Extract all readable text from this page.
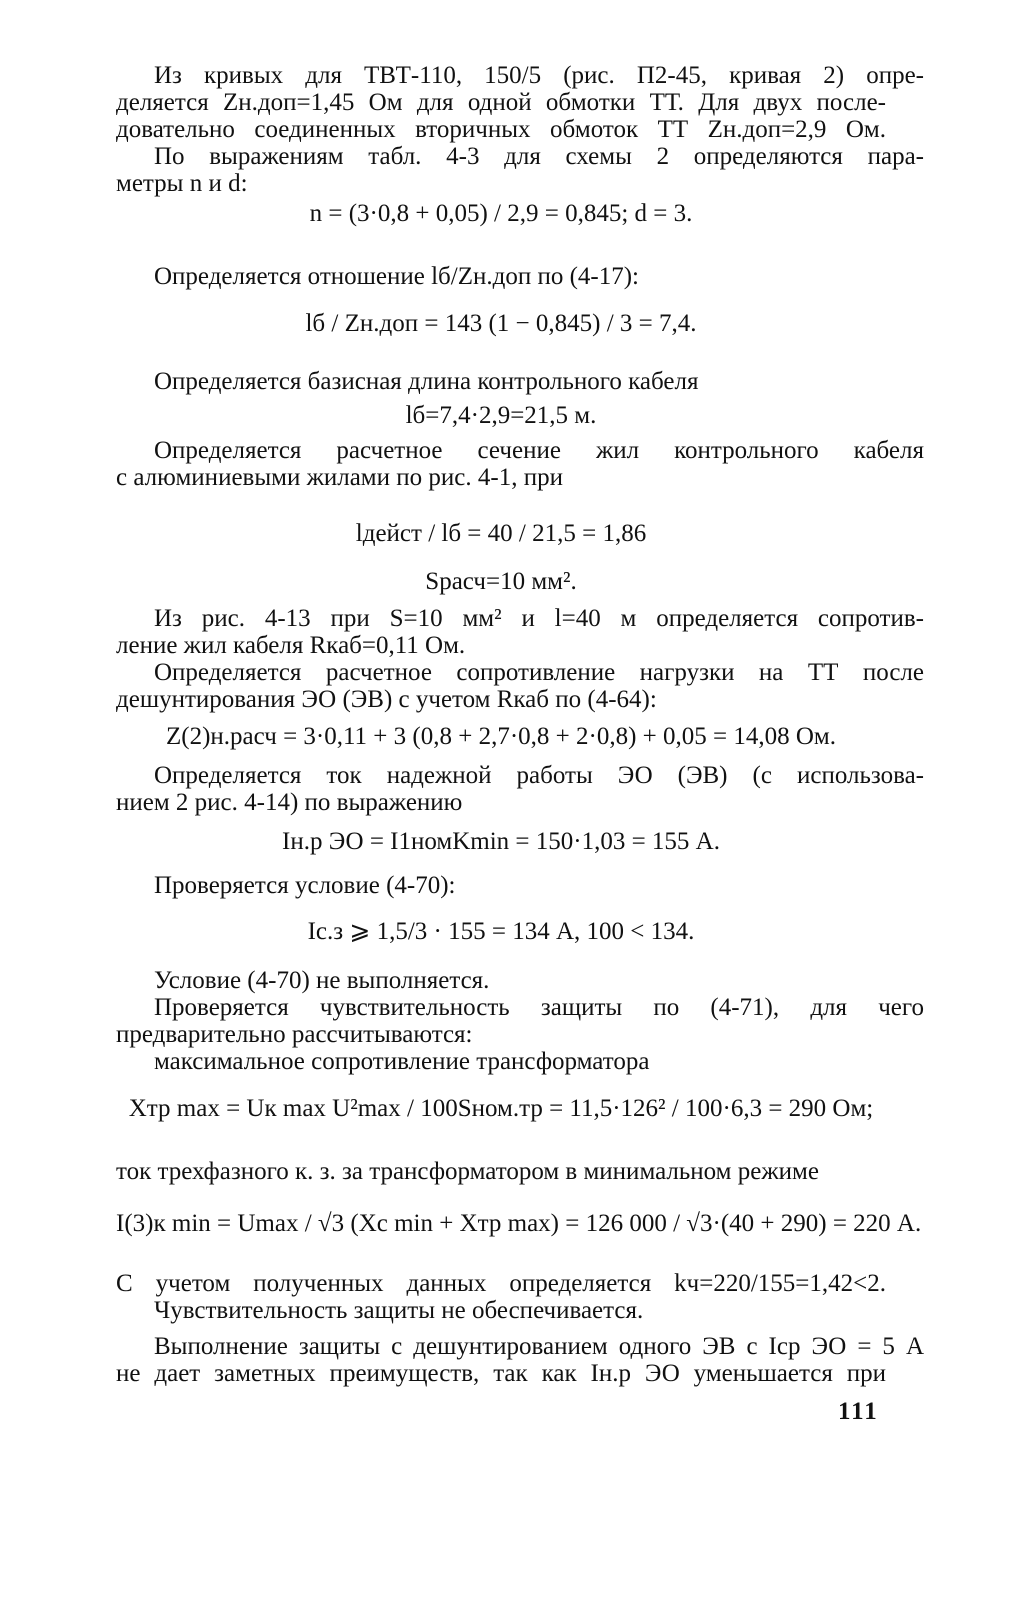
Из кривых для ТВТ-110, 150/5 (рис. П2-45, кривая 2) опре-
деляется Zн.доп=1,45 Ом для одной обмотки ТТ. Для двух после-
довательно соединенных вторичных обмоток ТТ Zн.доп=2,9 Ом.
По выражениям табл. 4-3 для схемы 2 определяются пара-
метры n и d:
n = (3·0,8 + 0,05) / 2,9 = 0,845; d = 3.
Определяется отношение lб/Zн.доп по (4-17):
lб / Zн.доп = 143 (1 − 0,845) / 3 = 7,4.
Определяется базисная длина контрольного кабеля
lб=7,4·2,9=21,5 м.
Определяется расчетное сечение жил контрольного кабеля
с алюминиевыми жилами по рис. 4-1, при
lдейст / lб = 40 / 21,5 = 1,86
Sрасч=10 мм².
Из рис. 4-13 при S=10 мм² и l=40 м определяется сопротив-
ление жил кабеля Rкаб=0,11 Ом.
Определяется расчетное сопротивление нагрузки на ТТ после
дешунтирования ЭО (ЭВ) с учетом Rкаб по (4-64):
Z(2)н.расч = 3·0,11 + 3 (0,8 + 2,7·0,8 + 2·0,8) + 0,05 = 14,08 Ом.
Определяется ток надежной работы ЭО (ЭВ) (с использова-
нием 2 рис. 4-14) по выражению
Iн.р ЭО = I1номKmin = 150·1,03 = 155 А.
Проверяется условие (4-70):
Iс.з ⩾ 1,5/3 · 155 = 134 А, 100 < 134.
Условие (4-70) не выполняется.
Проверяется чувствительность защиты по (4-71), для чего
предварительно рассчитываются:
максимальное сопротивление трансформатора
Xтр max = Uк max U²max / 100Sном.тр = 11,5·126² / 100·6,3 = 290 Ом;
ток трехфазного к. з. за трансформатором в минимальном режиме
I(3)к min = Umax / √3 (Xс min + Xтр max) = 126 000 / √3·(40 + 290) = 220 А.
С учетом полученных данных определяется kч=220/155=1,42<2.
Чувствительность защиты не обеспечивается.
Выполнение защиты с дешунтированием одного ЭВ с Iср ЭО = 5 А
не дает заметных преимуществ, так как Iн.р ЭО уменьшается при
111
